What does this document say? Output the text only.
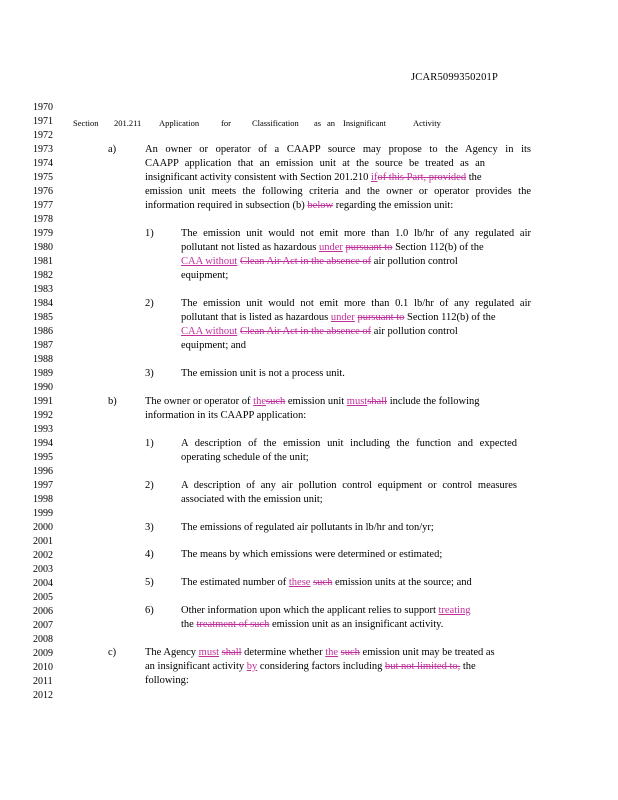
JCAR5099350201P
1970
1971
1972
1973
1974
1975
1976
1977
1978
1979
1980
1981
1982
1983
1984
1985
1986
1987
1988
1989
1990
1991
1992
1993
1994
1995
1996
1997
1998
1999
2000
2001
2002
2003
2004
2005
2006
2007
2008
2009
2010
2011
2012
Section 201.211 Application	for Classification as an Insignificant	Activity
a)	An owner or operator of a CAAPP source may propose to the Agency in its
CAAPP application that an emission unit at the source be treated as an
insignificant activity consistent with Section 201.210 ifof this Part, provided the
emission unit meets the following criteria and the owner or operator provides the
information required in subsection (b) below regarding the emission unit:
1)	The emission unit would not emit more than 1.0 lb/hr of any regulated air
pollutant not listed as hazardous under pursuant to Section 112(b) of the
CAA without Clean Air Act in the absence of air pollution control
equipment;
2)	The emission unit would not emit more than 0.1 lb/hr of any regulated air
pollutant that is listed as hazardous under pursuant to Section 112(b) of the
CAA without Clean Air Act in the absence of air pollution control
equipment; and
3)	The emission unit is not a process unit.
b)	The owner or operator of thesuch emission unit mustshall include the following
information in its CAAPP application:
1)	A description of the emission unit including the function and expected
operating schedule of the unit;
2)	A description of any air pollution control equipment or control measures
associated with the emission unit;
3)	The emissions of regulated air pollutants in lb/hr and ton/yr;
4)	The means by which emissions were determined or estimated;
5)	The estimated number of these such emission units at the source; and
6)	Other information upon which the applicant relies to support treating
the treatment of such emission unit as an insignificant activity.
c)	The Agency must shall determine whether the such emission unit may be treated as
an insignificant activity by considering factors including but not limited to, the
following:
